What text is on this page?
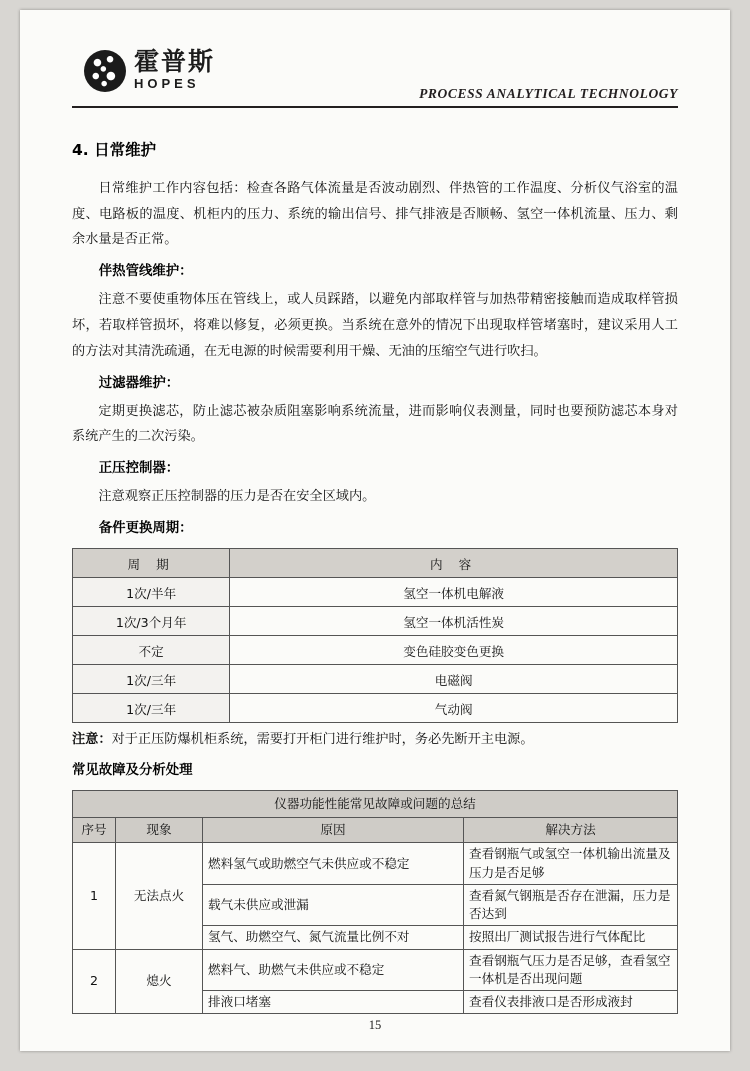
霍普斯
HOPES
PROCESS ANALYTICAL TECHNOLOGY
4. 日常维护

日常维护工作内容包括：检查各路气体流量是否波动剧烈、伴热管的工作温度、分析仪气浴室的温度、电路板的温度、机柜内的压力、系统的输出信号、排气排液是否顺畅、氢空一体机流量、压力、剩余水量是否正常。

伴热管线维护：

注意不要使重物体压在管线上，或人员踩踏，以避免内部取样管与加热带精密接触而造成取样管损坏，若取样管损坏，将难以修复，必须更换。当系统在意外的情况下出现取样管堵塞时，建议采用人工的方法对其清洗疏通，在无电源的时候需要利用干燥、无油的压缩空气进行吹扫。

过滤器维护：

定期更换滤芯，防止滤芯被杂质阻塞影响系统流量，进而影响仪表测量，同时也要预防滤芯本身对系统产生的二次污染。

正压控制器：

注意观察正压控制器的压力是否在安全区域内。

备件更换周期：

周 期	内 容
1次/半年	氢空一体机电解液
1次/3个月年	氢空一体机活性炭
不定	变色硅胶变色更换
1次/三年	电磁阀
1次/三年	气动阀

注意：对于正压防爆机柜系统，需要打开柜门进行维护时，务必先断开主电源。

常见故障及分析处理

仪器功能性能常见故障或问题的总结			
序号	现象	原因	解决方法
1	无法点火	燃料氢气或助燃空气未供应或不稳定	查看钢瓶气或氢空一体机输出流量及压力是否足够
		载气未供应或泄漏	查看氮气钢瓶是否存在泄漏，压力是否达到
		氢气、助燃空气、氮气流量比例不对	按照出厂测试报告进行气体配比
2	熄火	燃料气、助燃气未供应或不稳定	查看钢瓶气压力是否足够，查看氢空一体机是否出现问题
		排液口堵塞	查看仪表排液口是否形成液封
15
